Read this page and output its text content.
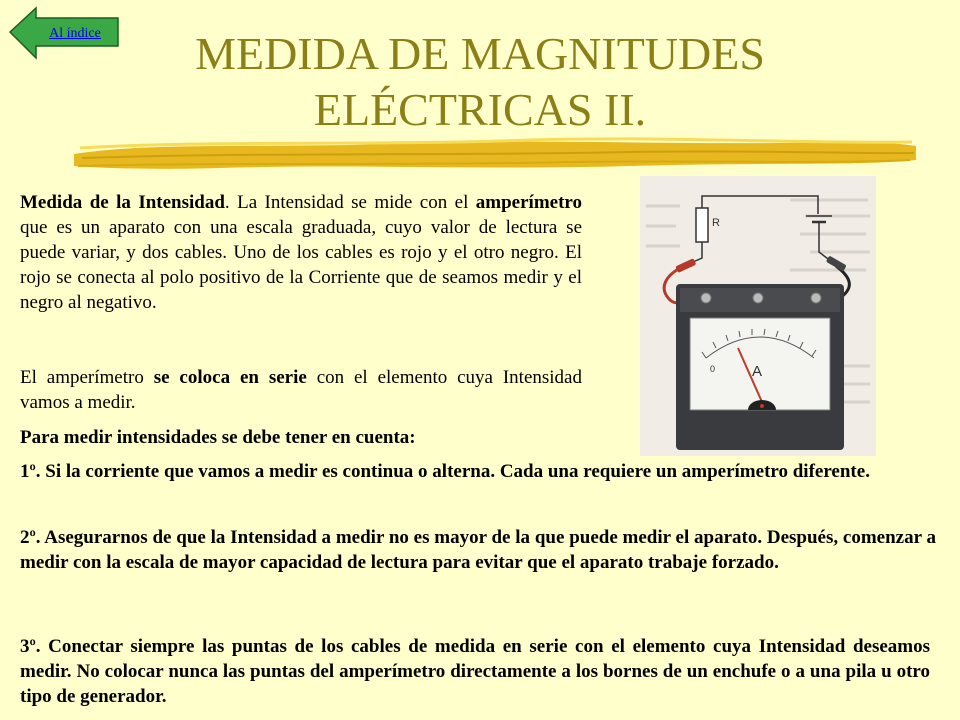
Al índice	MEDIDA DE MAGNITUDES
ELÉCTRICAS II.
R
0 A

Medida de la Intensidad. La Intensidad se mide con el amperímetro que es un aparato con una escala graduada, cuyo valor de lectura se puede variar, y dos cables. Uno de los cables es rojo y el otro negro. El rojo se conecta al polo positivo de la Corriente que de seamos medir y el negro al negativo.

El amperímetro se coloca en serie con el elemento cuya Intensidad vamos a medir.

Para medir intensidades se debe tener en cuenta:

1º. Si la corriente que vamos a medir es continua o alterna. Cada una requiere un amperímetro diferente.

2º. Asegurarnos de que la Intensidad a medir no es mayor de la que puede medir el aparato. Después, comenzar a medir con la escala de mayor capacidad de lectura para evitar que el aparato trabaje forzado.

3º. Conectar siempre las puntas de los cables de medida en serie con el elemento cuya Intensidad deseamos medir. No colocar nunca las puntas del amperímetro directamente a los bornes de un enchufe o a una pila u otro tipo de generador.
